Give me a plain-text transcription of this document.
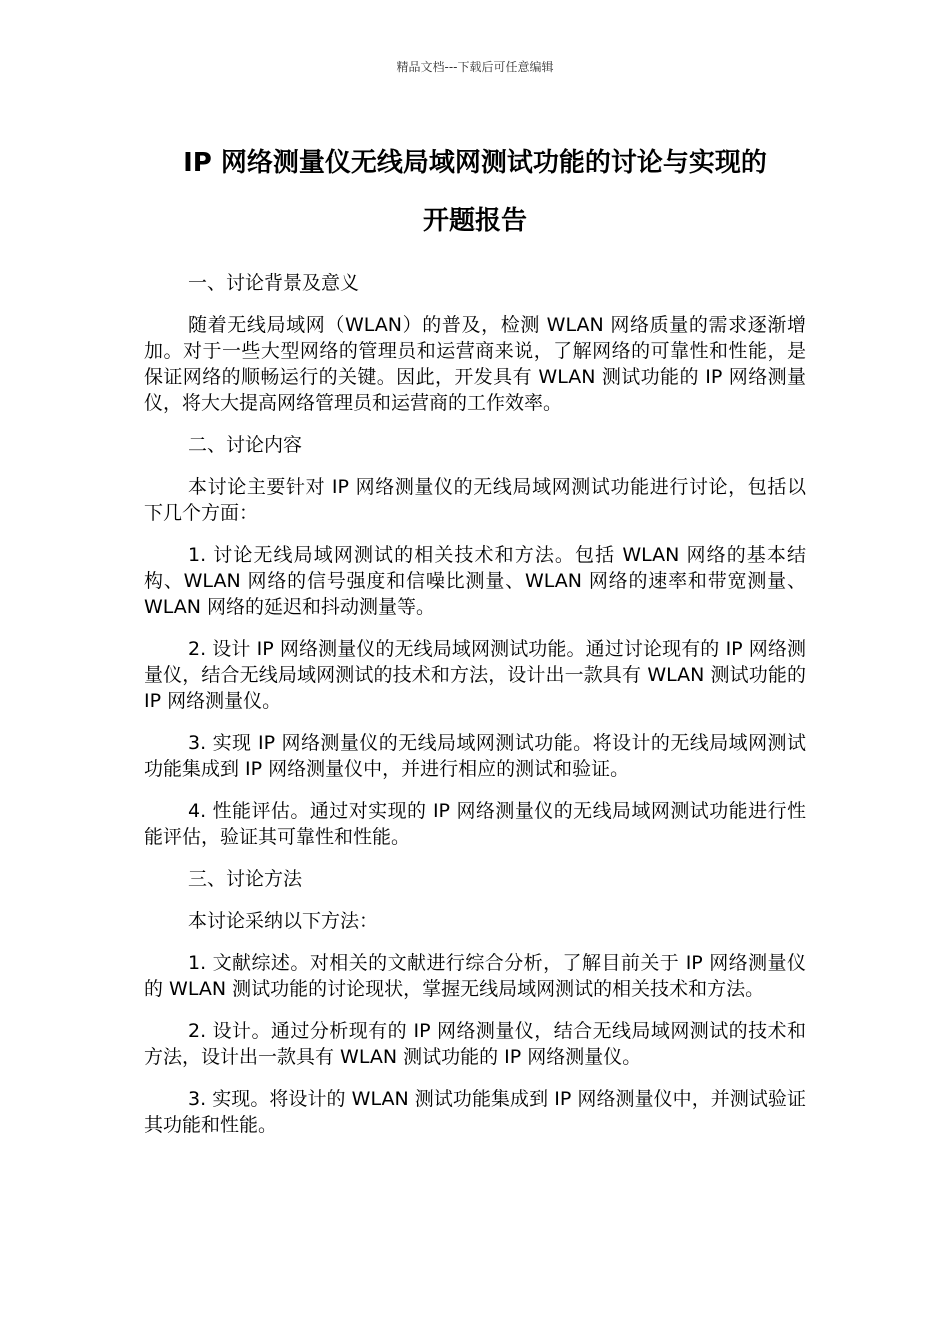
精品文档---下载后可任意编辑
IP 网络测量仪无线局域网测试功能的讨论与实现的
开题报告

一、讨论背景及意义

随着无线局域网（WLAN）的普及，检测 WLAN 网络质量的需求逐渐增加。对于一些大型网络的管理员和运营商来说，了解网络的可靠性和性能，是保证网络的顺畅运行的关键。因此，开发具有 WLAN 测试功能的 IP 网络测量仪，将大大提高网络管理员和运营商的工作效率。

二、讨论内容

本讨论主要针对 IP 网络测量仪的无线局域网测试功能进行讨论，包括以下几个方面：

1. 讨论无线局域网测试的相关技术和方法。包括 WLAN 网络的基本结构、WLAN 网络的信号强度和信噪比测量、WLAN 网络的速率和带宽测量、WLAN 网络的延迟和抖动测量等。

2. 设计 IP 网络测量仪的无线局域网测试功能。通过讨论现有的 IP 网络测量仪，结合无线局域网测试的技术和方法，设计出一款具有 WLAN 测试功能的 IP 网络测量仪。

3. 实现 IP 网络测量仪的无线局域网测试功能。将设计的无线局域网测试功能集成到 IP 网络测量仪中，并进行相应的测试和验证。

4. 性能评估。通过对实现的 IP 网络测量仪的无线局域网测试功能进行性能评估，验证其可靠性和性能。

三、讨论方法

本讨论采纳以下方法：

1. 文献综述。对相关的文献进行综合分析，了解目前关于 IP 网络测量仪的 WLAN 测试功能的讨论现状，掌握无线局域网测试的相关技术和方法。

2. 设计。通过分析现有的 IP 网络测量仪，结合无线局域网测试的技术和方法，设计出一款具有 WLAN 测试功能的 IP 网络测量仪。

3. 实现。将设计的 WLAN 测试功能集成到 IP 网络测量仪中，并测试验证其功能和性能。
